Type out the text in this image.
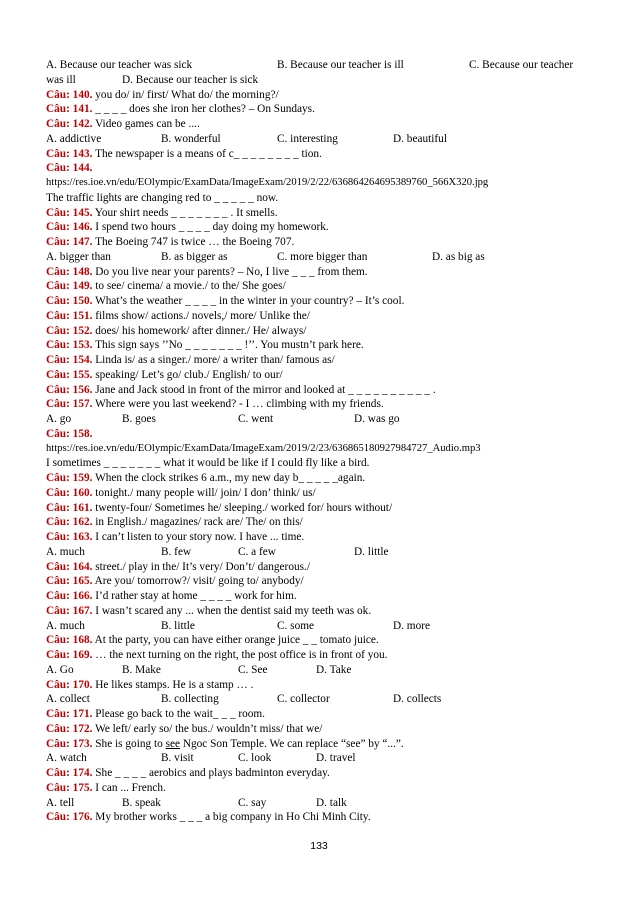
A. Because our teacher was sick	B. Because our teacher is ill	C. Because our teacher
was ill	D. Because our teacher is sick
Câu: 140. you do/ in/ first/ What do/ the morning?/
Câu: 141. _ _ _ _ does she iron her clothes? – On Sundays.
Câu: 142. Video games can be ....
A. addictive	B. wonderful	C. interesting	D. beautiful
Câu: 143. The newspaper is a means of c_ _ _ _ _ _ _ _ tion.
Câu: 144.
https://res.ioe.vn/edu/EOlympic/ExamData/ImageExam/2019/2/22/636864264695389760_566X320.jpg
The traffic lights are changing red to _ _ _ _ _ now.
Câu: 145. Your shirt needs _ _ _ _ _ _ _ . It smells.
Câu: 146. I spend two hours _ _ _ _ day doing my homework.
Câu: 147. The Boeing 747 is twice … the Boeing 707.
A. bigger than	B. as bigger as	C. more bigger than	D. as big as
Câu: 148. Do you live near your parents? – No, I live _ _ _ from them.
Câu: 149. to see/ cinema/ a movie./ to the/ She goes/
Câu: 150. What’s the weather _ _ _ _ in the winter in your country? – It’s cool.
Câu: 151. films show/ actions./ novels,/ more/ Unlike the/
Câu: 152. does/ his homework/ after dinner./ He/ always/
Câu: 153. This sign says ’’No _ _ _ _ _ _ _ !’’. You mustn’t park here.
Câu: 154. Linda is/ as a singer./ more/ a writer than/ famous as/
Câu: 155. speaking/ Let’s go/ club./ English/ to our/
Câu: 156. Jane and Jack stood in front of the mirror and looked at _ _ _ _ _ _ _ _ _ _ .
Câu: 157. Where were you last weekend? - I … climbing with my friends.
A. go	B. goes	C. went	D. was go
Câu: 158.
https://res.ioe.vn/edu/EOlympic/ExamData/ImageExam/2019/2/23/636865180927984727_Audio.mp3
I sometimes _ _ _ _ _ _ _ what it would be like if I could fly like a bird.
Câu: 159. When the clock strikes 6 a.m., my new day b_ _ _ _ _again.
Câu: 160. tonight./ many people will/ join/ I don’ think/ us/
Câu: 161. twenty-four/ Sometimes he/ sleeping./ worked for/ hours without/
Câu: 162. in English./ magazines/ rack are/ The/ on this/
Câu: 163. I can’t listen to your story now. I have ... time.
A. much	B. few	C. a few	D. little
Câu: 164. street./ play in the/ It’s very/ Don’t/ dangerous./
Câu: 165. Are you/ tomorrow?/ visit/ going to/ anybody/
Câu: 166. I’d rather stay at home _ _ _ _ work for him.
Câu: 167. I wasn’t scared any ... when the dentist said my teeth was ok.
A. much	B. little	C. some	D. more
Câu: 168. At the party, you can have either orange juice _ _ tomato juice.
Câu: 169. … the next turning on the right, the post office is in front of you.
A. Go	B. Make	C. See	D. Take
Câu: 170. He likes stamps. He is a stamp … .
A. collect	B. collecting	C. collector	D. collects
Câu: 171. Please go back to the wait_ _ _ room.
Câu: 172. We left/ early so/ the bus./ wouldn’t miss/ that we/
Câu: 173. She is going to see Ngoc Son Temple. We can replace “see” by “...”.
A. watch	B. visit	C. look	D. travel
Câu: 174. She _ _ _ _ aerobics and plays badminton everyday.
Câu: 175. I can ... French.
A. tell	B. speak	C. say	D. talk
Câu: 176. My brother works _ _ _ a big company in Ho Chi Minh City.
133
